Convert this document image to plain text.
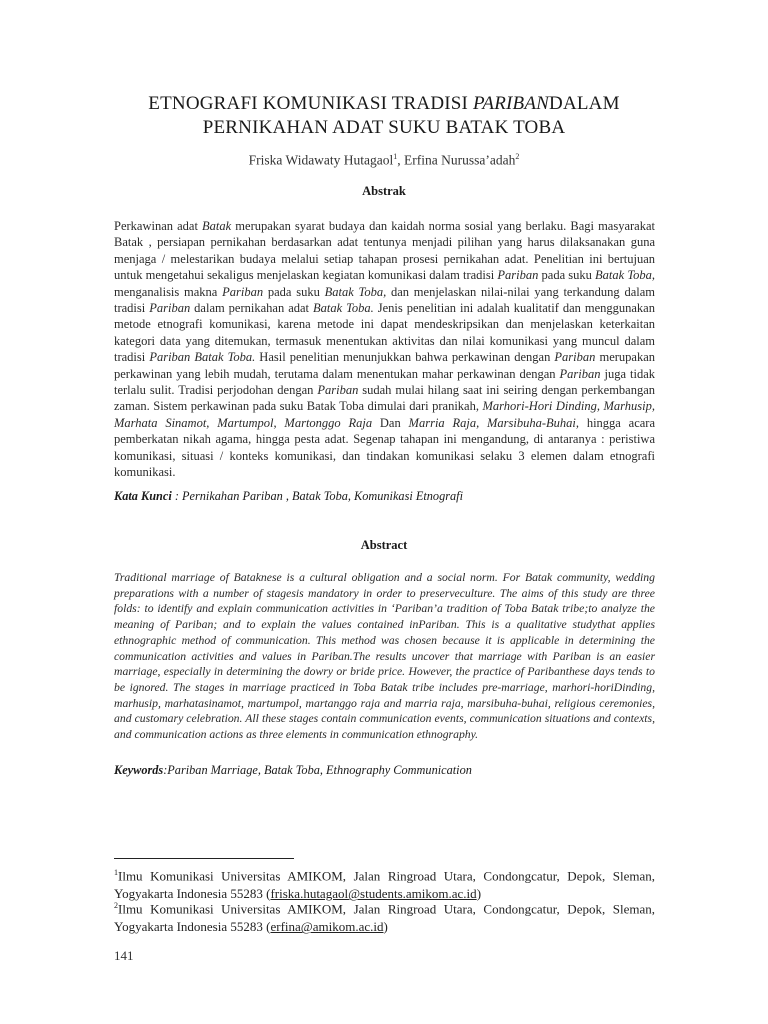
ETNOGRAFI KOMUNIKASI TRADISI PARIBANDALAM
PERNIKAHAN ADAT SUKU BATAK TOBA
Friska Widawaty Hutagaol$^1$, Erfina Nurussa’adah$^2$
Abstrak
Perkawinan adat Batak merupakan syarat budaya dan kaidah norma sosial yang berlaku. Bagi masyarakat Batak , persiapan pernikahan berdasarkan adat tentunya menjadi pilihan yang harus dilaksanakan guna menjaga / melestarikan budaya melalui setiap tahapan prosesi pernikahan adat. Penelitian ini bertujuan untuk mengetahui sekaligus menjelaskan kegiatan komunikasi dalam tradisi Pariban pada suku Batak Toba, menganalisis makna Pariban pada suku Batak Toba, dan menjelaskan nilai-nilai yang terkandung dalam tradisi Pariban dalam pernikahan adat Batak Toba. Jenis penelitian ini adalah kualitatif dan menggunakan metode etnografi komunikasi, karena metode ini dapat mendeskripsikan dan menjelaskan keterkaitan kategori data yang ditemukan, termasuk menentukan aktivitas dan nilai komunikasi yang muncul dalam tradisi Pariban Batak Toba. Hasil penelitian menunjukkan bahwa perkawinan dengan Pariban merupakan perkawinan yang lebih mudah, terutama dalam menentukan mahar perkawinan dengan Pariban juga tidak terlalu sulit. Tradisi perjodohan dengan Pariban sudah mulai hilang saat ini seiring dengan perkembangan zaman. Sistem perkawinan pada suku Batak Toba dimulai dari pranikah, Marhori-Hori Dinding, Marhusip, Marhata Sinamot, Martumpol, Martonggo Raja Dan Marria Raja, Marsibuha-Buhai, hingga acara pemberkatan nikah agama, hingga pesta adat. Segenap tahapan ini mengandung, di antaranya : peristiwa komunikasi, situasi / konteks komunikasi, dan tindakan komunikasi selaku 3 elemen dalam etnografi komunikasi.
Kata Kunci : Pernikahan Pariban , Batak Toba, Komunikasi Etnografi
Abstract
Traditional marriage of Bataknese is a cultural obligation and a social norm. For Batak community, wedding preparations with a number of stagesis mandatory in order to preserveculture. The aims of this study are three folds: to identify and explain communication activities in ‘Pariban’a tradition of Toba Batak tribe;to analyze the meaning of Pariban; and to explain the values contained inPariban. This is a qualitative studythat applies ethnographic method of communication. This method was chosen because it is applicable in determining the communication activities and values in Pariban.The results uncover that marriage with Pariban is an easier marriage, especially in determining the dowry or bride price. However, the practice of Paribanthese days tends to be ignored. The stages in marriage practiced in Toba Batak tribe includes pre-marriage, marhori-horiDinding, marhusip, marhatasinamot, martumpol, martanggo raja and marria raja, marsibuha-buhai, religious ceremonies, and customary celebration. All these stages contain communication events, communication situations and contexts, and communication actions as three elements in communication ethnography.
Keywords:Pariban Marriage, Batak Toba, Ethnography Communication
$^1$Ilmu Komunikasi Universitas AMIKOM, Jalan Ringroad Utara, Condongcatur, Depok, Sleman, Yogyakarta Indonesia 55283 (friska.hutagaol@students.amikom.ac.id)
$^2$Ilmu Komunikasi Universitas AMIKOM, Jalan Ringroad Utara, Condongcatur, Depok, Sleman, Yogyakarta Indonesia 55283 (erfina@amikom.ac.id)
141
